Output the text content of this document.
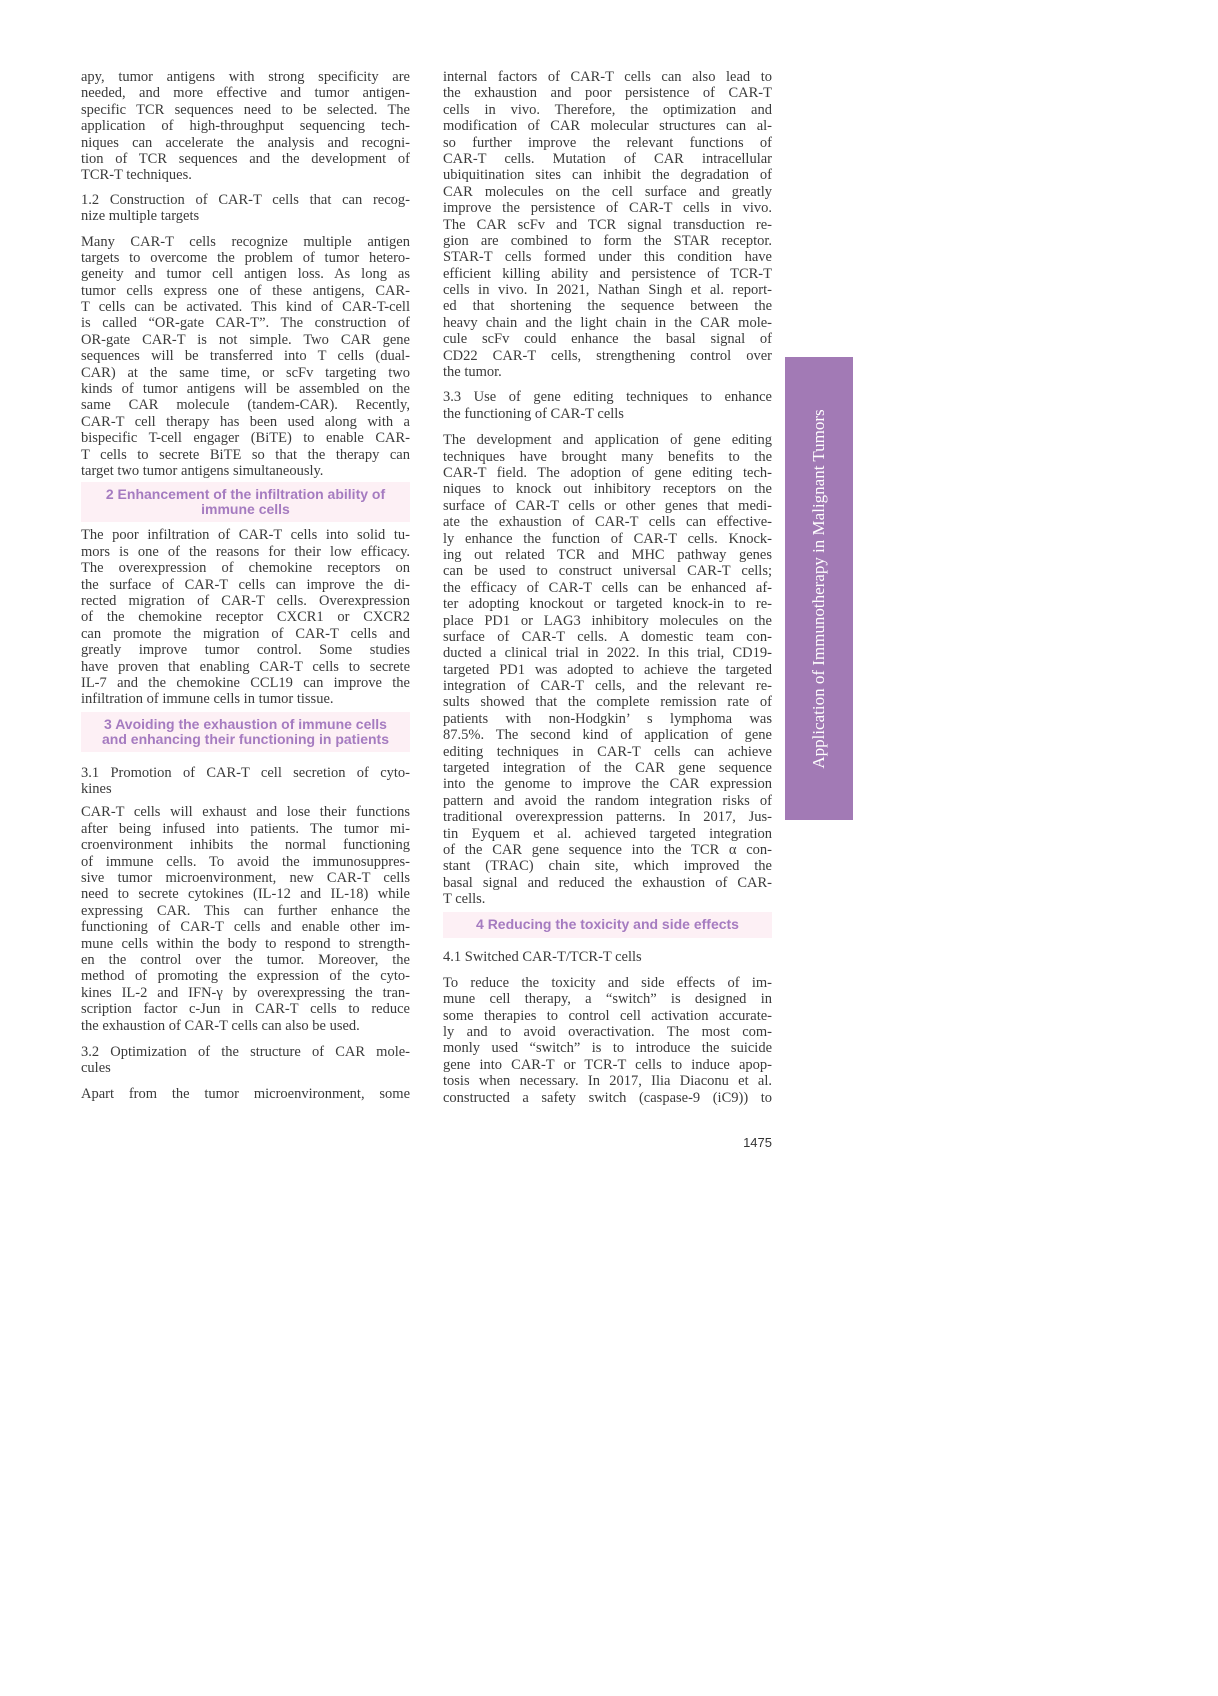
apy, tumor antigens with strong specificity are
needed, and more effective and tumor antigen-
specific TCR sequences need to be selected. The
application of high-throughput sequencing tech-
niques can accelerate the analysis and recogni-
tion of TCR sequences and the development of
TCR-T techniques.
1.2 Construction of CAR-T cells that can recog-
nize multiple targets
Many CAR-T cells recognize multiple antigen
targets to overcome the problem of tumor hetero-
geneity and tumor cell antigen loss. As long as
tumor cells express one of these antigens, CAR-
T cells can be activated. This kind of CAR-T-cell
is called “OR-gate CAR-T”. The construction of
OR-gate CAR-T is not simple. Two CAR gene
sequences will be transferred into T cells (dual-
CAR) at the same time, or scFv targeting two
kinds of tumor antigens will be assembled on the
same CAR molecule (tandem-CAR). Recently,
CAR-T cell therapy has been used along with a
bispecific T-cell engager (BiTE) to enable CAR-
T cells to secrete BiTE so that the therapy can
target two tumor antigens simultaneously.
2 Enhancement of the infiltration ability of
immune cells
The poor infiltration of CAR-T cells into solid tu-
mors is one of the reasons for their low efficacy.
The overexpression of chemokine receptors on
the surface of CAR-T cells can improve the di-
rected migration of CAR-T cells. Overexpression
of the chemokine receptor CXCR1 or CXCR2
can promote the migration of CAR-T cells and
greatly improve tumor control. Some studies
have proven that enabling CAR-T cells to secrete
IL-7 and the chemokine CCL19 can improve the
infiltration of immune cells in tumor tissue.
3 Avoiding the exhaustion of immune cells
and enhancing their functioning in patients
3.1 Promotion of CAR-T cell secretion of cyto-
kines
CAR-T cells will exhaust and lose their functions
after being infused into patients. The tumor mi-
croenvironment inhibits the normal functioning
of immune cells. To avoid the immunosuppres-
sive tumor microenvironment, new CAR-T cells
need to secrete cytokines (IL-12 and IL-18) while
expressing CAR. This can further enhance the
functioning of CAR-T cells and enable other im-
mune cells within the body to respond to strength-
en the control over the tumor. Moreover, the
method of promoting the expression of the cyto-
kines IL-2 and IFN-γ by overexpressing the tran-
scription factor c-Jun in CAR-T cells to reduce
the exhaustion of CAR-T cells can also be used.
3.2 Optimization of the structure of CAR mole-
cules
Apart from the tumor microenvironment, some
internal factors of CAR-T cells can also lead to
the exhaustion and poor persistence of CAR-T
cells in vivo. Therefore, the optimization and
modification of CAR molecular structures can al-
so further improve the relevant functions of
CAR-T cells. Mutation of CAR intracellular
ubiquitination sites can inhibit the degradation of
CAR molecules on the cell surface and greatly
improve the persistence of CAR-T cells in vivo.
The CAR scFv and TCR signal transduction re-
gion are combined to form the STAR receptor.
STAR-T cells formed under this condition have
efficient killing ability and persistence of TCR-T
cells in vivo. In 2021, Nathan Singh et al. report-
ed that shortening the sequence between the
heavy chain and the light chain in the CAR mole-
cule scFv could enhance the basal signal of
CD22 CAR-T cells, strengthening control over
the tumor.
3.3 Use of gene editing techniques to enhance
the functioning of CAR-T cells
The development and application of gene editing
techniques have brought many benefits to the
CAR-T field. The adoption of gene editing tech-
niques to knock out inhibitory receptors on the
surface of CAR-T cells or other genes that medi-
ate the exhaustion of CAR-T cells can effective-
ly enhance the function of CAR-T cells. Knock-
ing out related TCR and MHC pathway genes
can be used to construct universal CAR-T cells;
the efficacy of CAR-T cells can be enhanced af-
ter adopting knockout or targeted knock-in to re-
place PD1 or LAG3 inhibitory molecules on the
surface of CAR-T cells. A domestic team con-
ducted a clinical trial in 2022. In this trial, CD19-
targeted PD1 was adopted to achieve the targeted
integration of CAR-T cells, and the relevant re-
sults showed that the complete remission rate of
patients with non-Hodgkin’ s lymphoma was
87.5%. The second kind of application of gene
editing techniques in CAR-T cells can achieve
targeted integration of the CAR gene sequence
into the genome to improve the CAR expression
pattern and avoid the random integration risks of
traditional overexpression patterns. In 2017, Jus-
tin Eyquem et al. achieved targeted integration
of the CAR gene sequence into the TCR α con-
stant (TRAC) chain site, which improved the
basal signal and reduced the exhaustion of CAR-
T cells.
4 Reducing the toxicity and side effects
4.1 Switched CAR-T/TCR-T cells
To reduce the toxicity and side effects of im-
mune cell therapy, a “switch” is designed in
some therapies to control cell activation accurate-
ly and to avoid overactivation. The most com-
monly used “switch” is to introduce the suicide
gene into CAR-T or TCR-T cells to induce apop-
tosis when necessary. In 2017, Ilia Diaconu et al.
constructed a safety switch (caspase-9 (iC9)) to
Application of Immunotherapy in Malignant Tumors
1475
